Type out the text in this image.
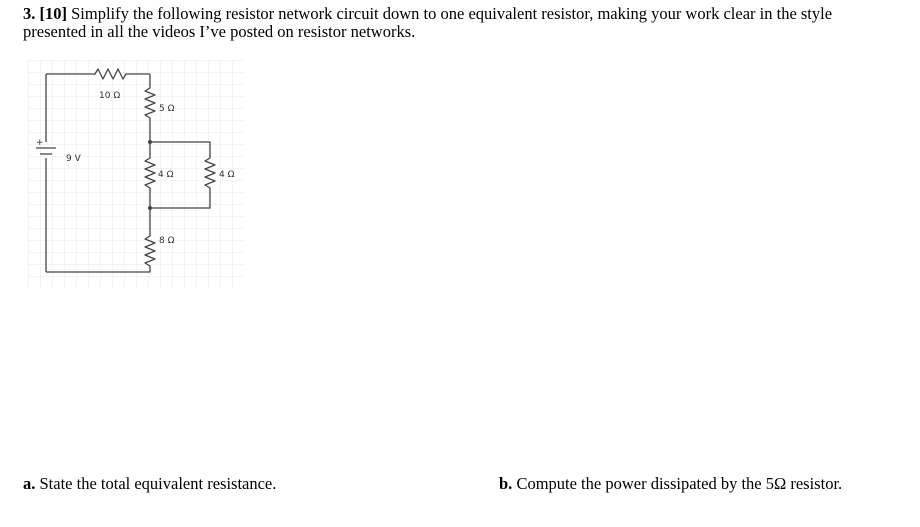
3. [10] Simplify the following resistor network circuit down to one equivalent resistor, making your work clear in the style
presented in all the videos I’ve posted on resistor networks.
+
9 V
10 Ω
5 Ω
4 Ω	4 Ω
8 Ω
a. State the total equivalent resistance.	b. Compute the power dissipated by the 5Ω resistor.
